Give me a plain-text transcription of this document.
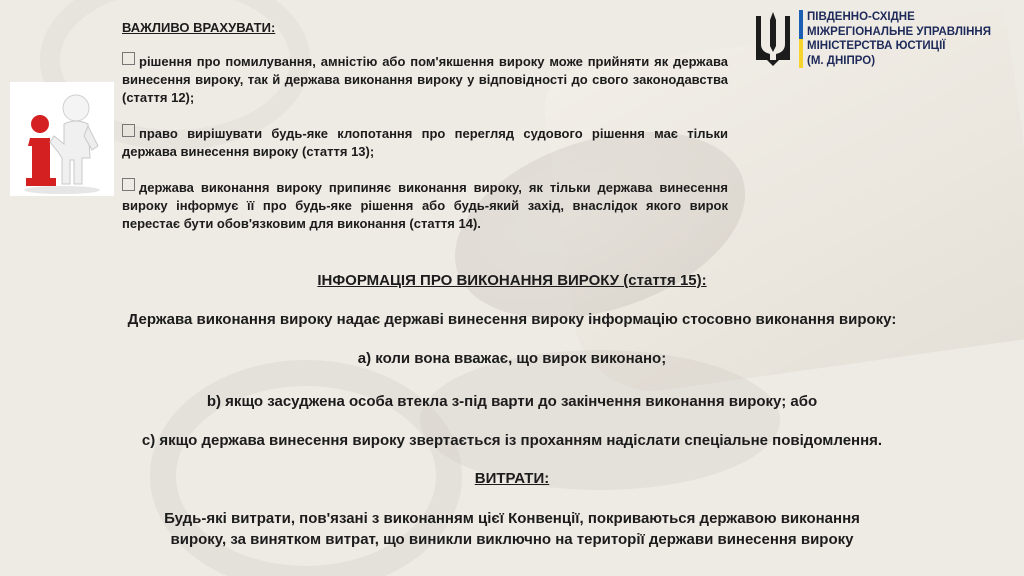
ПІВДЕННО-СХІДНЕ
МІЖРЕГІОНАЛЬНЕ УПРАВЛІННЯ
МІНІСТЕРСТВА ЮСТИЦІЇ
(М. ДНІПРО)

ВАЖЛИВО ВРАХУВАТИ:

рішення про помилування, амністію або пом'якшення вироку може прийняти як держава винесення вироку, так й держава виконання вироку у відповідності до свого законодавства (стаття 12);

право вирішувати будь-яке клопотання про перегляд судового рішення має тільки держава винесення вироку (стаття 13);

держава виконання вироку припиняє виконання вироку, як тільки держава винесення вироку інформує її про будь-яке рішення або будь-який захід, внаслідок якого вирок перестає бути обов'язковим для виконання (стаття 14).

ІНФОРМАЦІЯ ПРО ВИКОНАННЯ ВИРОКУ (стаття 15):

Держава виконання вироку надає державі винесення вироку інформацію стосовно виконання вироку:

a) коли вона вважає, що вирок виконано;

b) якщо засуджена особа втекла з-під варти до закінчення виконання вироку; або

c) якщо держава винесення вироку звертається із проханням надіслати спеціальне повідомлення.

ВИТРАТИ:

Будь-які витрати, пов'язані з виконанням цієї Конвенції, покриваються державою виконання

вироку, за винятком витрат, що виникли виключно на території держави винесення вироку
